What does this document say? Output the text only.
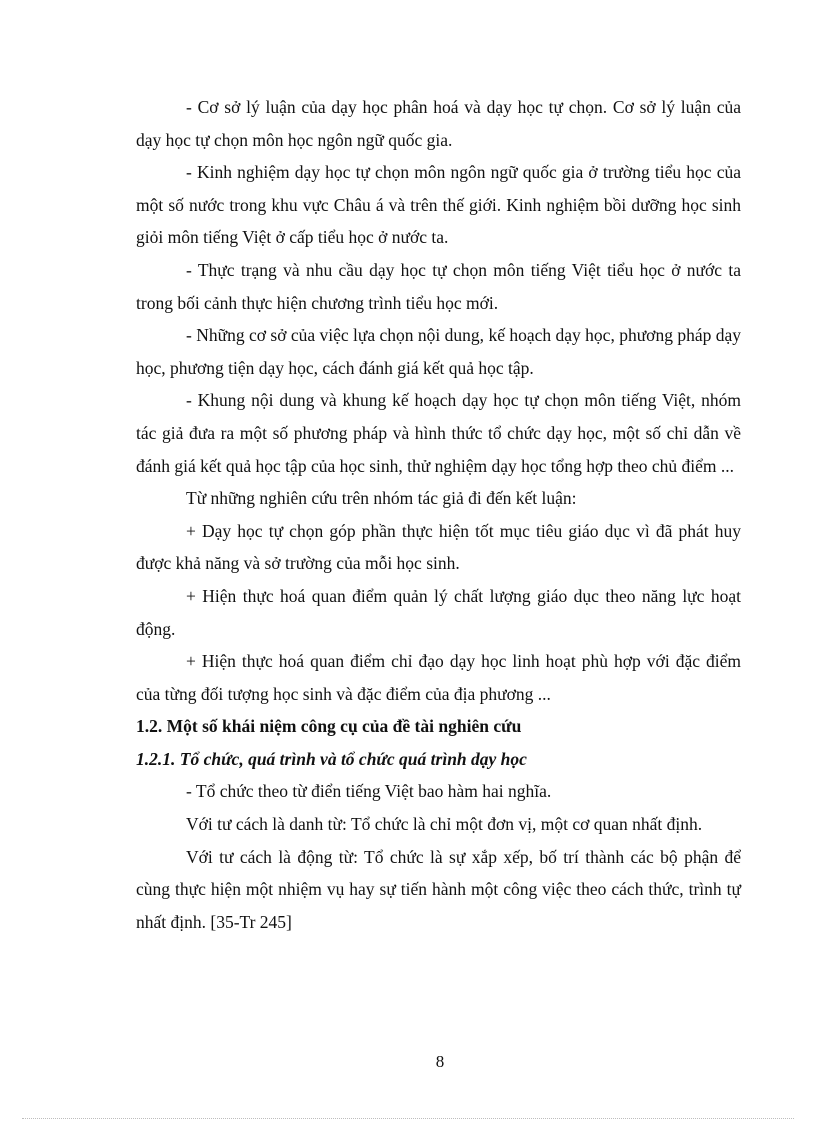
- Cơ sở lý luận của dạy học phân hoá và dạy học tự chọn. Cơ sở lý luận của dạy học tự chọn môn học ngôn ngữ quốc gia.

- Kinh nghiệm dạy học tự chọn môn ngôn ngữ quốc gia ở trường tiểu học của một số nước trong khu vực Châu á và trên thế giới. Kinh nghiệm bồi dưỡng học sinh giỏi môn tiếng Việt ở cấp tiểu học ở nước ta.

- Thực trạng và nhu cầu dạy học tự chọn môn tiếng Việt tiểu học ở nước ta trong bối cảnh thực hiện chương trình tiểu học mới.

- Những cơ sở của việc lựa chọn nội dung, kế hoạch dạy học, phương pháp dạy học, phương tiện dạy học, cách đánh giá kết quả học tập.

- Khung nội dung và khung kế hoạch dạy học tự chọn môn tiếng Việt, nhóm tác giả đưa ra một số phương pháp và hình thức tổ chức dạy học, một số chỉ dẫn về đánh giá kết quả học tập của học sinh, thử nghiệm dạy học tổng hợp theo chủ điểm ...

Từ những nghiên cứu trên nhóm tác giả đi đến kết luận:

+ Dạy học tự chọn góp phần thực hiện tốt mục tiêu giáo dục vì đã phát huy được khả năng và sở trường của mỗi học sinh.

+ Hiện thực hoá quan điểm quản lý chất lượng giáo dục theo năng lực hoạt động.

+ Hiện thực hoá quan điểm chỉ đạo dạy học linh hoạt phù hợp với đặc điểm của từng đối tượng học sinh và đặc điểm của địa phương ...

1.2. Một số khái niệm công cụ của đề tài nghiên cứu

1.2.1. Tổ chức, quá trình và tổ chức quá trình dạy học

- Tổ chức theo từ điển tiếng Việt bao hàm hai nghĩa.

Với tư cách là danh từ: Tổ chức là chỉ một đơn vị, một cơ quan nhất định.

Với tư cách là động từ: Tổ chức là sự xắp xếp, bố trí thành các bộ phận để cùng thực hiện một nhiệm vụ hay sự tiến hành một công việc theo cách thức, trình tự nhất định. [35-Tr 245]

8
